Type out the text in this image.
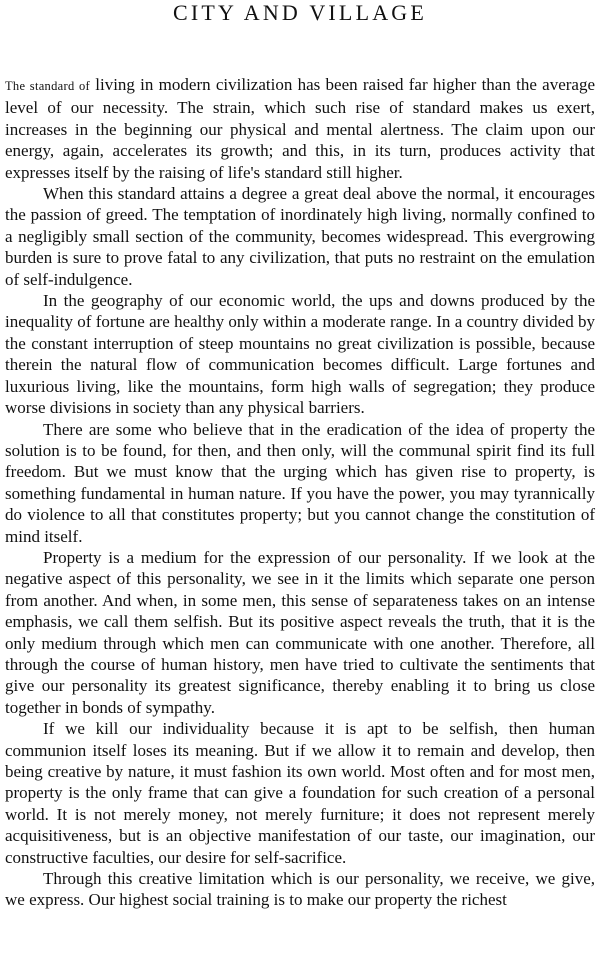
CITY AND VILLAGE

The standard of living in modern civilization has been raised far higher than the average level of our necessity. The strain, which such rise of standard makes us exert, increases in the beginning our physical and mental alertness. The claim upon our energy, again, accelerates its growth; and this, in its turn, produces activity that expresses itself by the raising of life's standard still higher.

When this standard attains a degree a great deal above the normal, it encourages the passion of greed. The temptation of inordinately high living, normally confined to a negligibly small section of the community, becomes widespread. This evergrowing burden is sure to prove fatal to any civilization, that puts no restraint on the emulation of self-indulgence.

In the geography of our economic world, the ups and downs produced by the inequality of fortune are healthy only within a moderate range. In a country divided by the constant interruption of steep mountains no great civilization is possible, because therein the natural flow of communication becomes difficult. Large fortunes and luxurious living, like the mountains, form high walls of segregation; they produce worse divisions in society than any physical barriers.

There are some who believe that in the eradication of the idea of property the solution is to be found, for then, and then only, will the communal spirit find its full freedom. But we must know that the urging which has given rise to property, is something fundamental in human nature. If you have the power, you may tyrannically do violence to all that constitutes property; but you cannot change the constitution of mind itself.

Property is a medium for the expression of our personality. If we look at the negative aspect of this personality, we see in it the limits which separate one person from another. And when, in some men, this sense of separateness takes on an intense emphasis, we call them selfish. But its positive aspect reveals the truth, that it is the only medium through which men can communicate with one another. Therefore, all through the course of human history, men have tried to cultivate the sentiments that give our personality its greatest significance, thereby enabling it to bring us close together in bonds of sympathy.

If we kill our individuality because it is apt to be selfish, then human communion itself loses its meaning. But if we allow it to remain and develop, then being creative by nature, it must fashion its own world. Most often and for most men, property is the only frame that can give a foundation for such creation of a personal world. It is not merely money, not merely furniture; it does not represent merely acquisitiveness, but is an objective manifestation of our taste, our imagination, our constructive faculties, our desire for self-sacrifice.

Through this creative limitation which is our personality, we receive, we give, we express. Our highest social training is to make our property the richest
